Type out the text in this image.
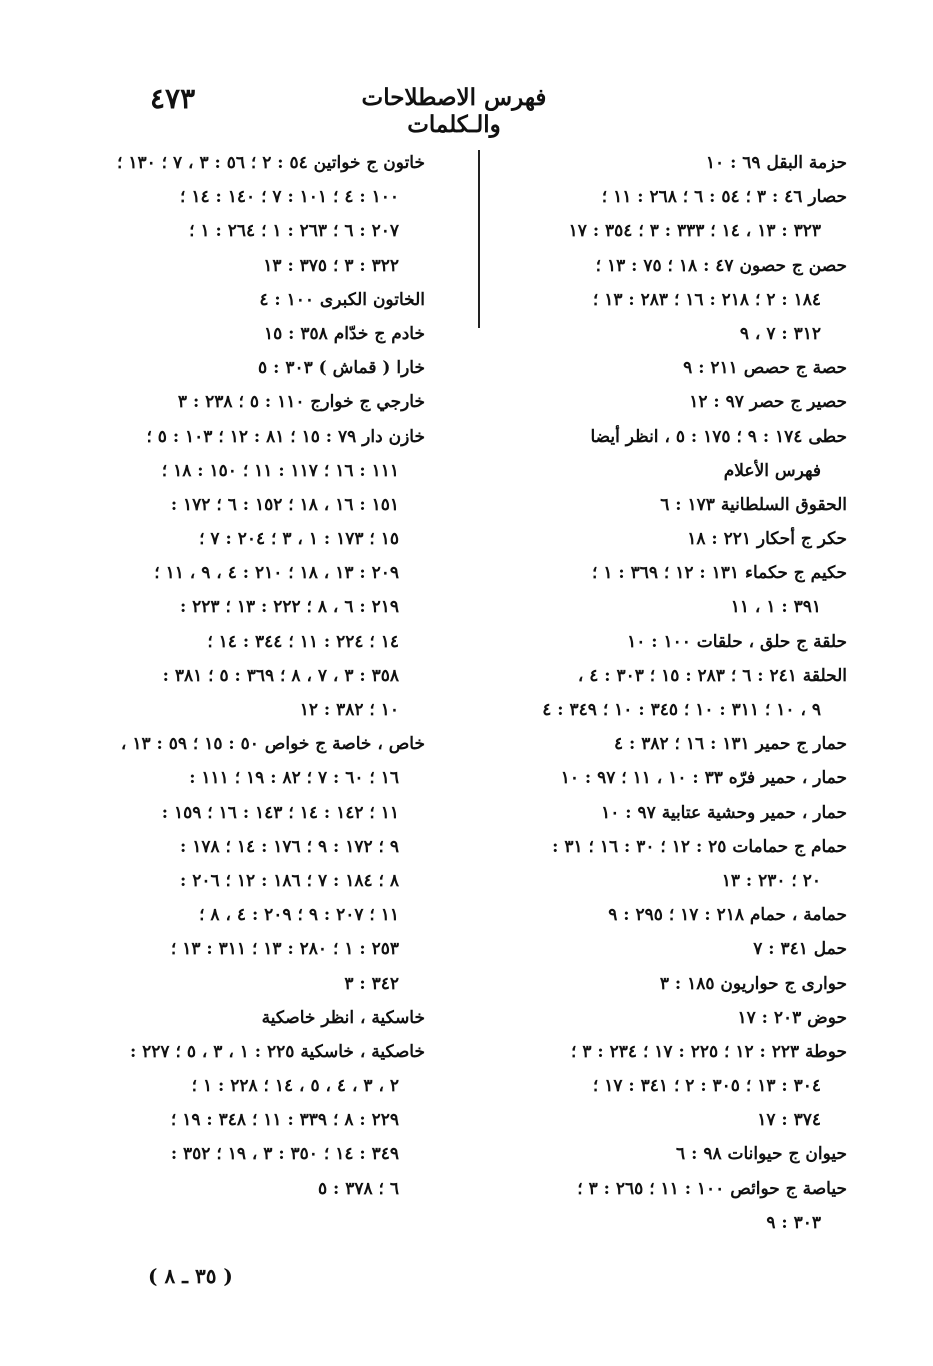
٤٧٣	فهرس الاصطلاحات والـكلمات
حزمة البقل ٦٩ : ١٠
حصار ٤٦ : ٣ ؛ ٥٤ : ٦ ؛ ٢٦٨ : ١١ ؛
٣٢٣ : ١٣ ، ١٤ ؛ ٣٣٣ : ٣ ؛ ٣٥٤ : ١٧
حصن ج حصون ٤٧ : ١٨ ؛ ٧٥ : ١٣ ؛
١٨٤ : ٢ ؛ ٢١٨ : ١٦ ؛ ٢٨٣ : ١٣ ؛
٣١٢ : ٧ ، ٩
حصة ج حصص ٢١١ : ٩
حصير ج حصر ٩٧ : ١٢
حطى ١٧٤ : ٩ ؛ ١٧٥ : ٥ ، انظر أيضا
فهرس الأعلام
الحقوق السلطانية ١٧٣ : ٦
حكر ج أحكار ٢٢١ : ١٨
حكيم ج حكماء ١٣١ : ١٢ ؛ ٣٦٩ : ١ ؛
٣٩١ : ١ ، ١١
حلقة ج حلق ، حلقات ١٠٠ : ١٠
الحلقة ٢٤١ : ٦ ؛ ٢٨٣ : ١٥ ؛ ٣٠٣ : ٤ ،
٩ ، ١٠ ؛ ٣١١ : ١٠ ؛ ٣٤٥ : ١٠ ؛ ٣٤٩ : ٤
حمار ج حمير ١٣١ : ١٦ ؛ ٣٨٢ : ٤
حمار ، حمير فرّه ٣٣ : ١٠ ، ١١ ؛ ٩٧ : ١٠
حمار ، حمير وحشية عتابية ٩٧ : ١٠
حمام ج حمامات ٢٥ : ١٢ ؛ ٣٠ : ١٦ ؛ ٣١ :
٢٠ ؛ ٢٣٠ : ١٣
حمامة ، حمام ٢١٨ : ١٧ ؛ ٢٩٥ : ٩
حمل ٣٤١ : ٧
حوارى ج حواريون ١٨٥ : ٣
حوض ٢٠٣ : ١٧
حوطة ٢٢٣ : ١٢ ؛ ٢٢٥ : ١٧ ؛ ٢٣٤ : ٣ ؛
٣٠٤ : ١٣ ؛ ٣٠٥ : ٢ ؛ ٣٤١ : ١٧ ؛
٣٧٤ : ١٧
حيوان ج حيوانات ٩٨ : ٦
حياصة ج حوائص ١٠٠ : ١١ ؛ ٢٦٥ : ٣ ؛
٣٠٣ : ٩
خاتون ج خواتين ٥٤ : ٢ ؛ ٥٦ : ٣ ، ٧ ؛ ١٣٠ ؛
١٠٠ : ٤ ؛ ١٠١ : ٧ ؛ ١٤٠ : ١٤ ؛
٢٠٧ : ٦ ؛ ٢٦٣ : ١ ؛ ٢٦٤ : ١ ؛
٣٢٢ : ٣ ؛ ٣٧٥ : ١٣
الخاتون الكبرى ١٠٠ : ٤
خادم ج خدّام ٣٥٨ : ١٥
خارا ( قماش ) ٣٠٣ : ٥
خارجي ج خوارج ١١٠ : ٥ ؛ ٢٣٨ : ٣
خازن دار ٧٩ : ١٥ ؛ ٨١ : ١٢ ؛ ١٠٣ : ٥ ؛
١١١ : ١٦ ؛ ١١٧ : ١١ ؛ ١٥٠ : ١٨ ؛
١٥١ : ١٦ ، ١٨ ؛ ١٥٢ : ٦ ؛ ١٧٢ :
١٥ ؛ ١٧٣ : ١ ، ٣ ؛ ٢٠٤ : ٧ ؛
٢٠٩ : ١٣ ، ١٨ ؛ ٢١٠ : ٤ ، ٩ ، ١١ ؛
٢١٩ : ٦ ، ٨ ؛ ٢٢٢ : ١٣ ؛ ٢٢٣ :
١٤ ؛ ٢٢٤ : ١١ ؛ ٣٤٤ : ١٤ ؛
٣٥٨ : ٣ ، ٧ ، ٨ ؛ ٣٦٩ : ٥ ؛ ٣٨١ :
١٠ ؛ ٣٨٢ : ١٢
خاص ، خاصة ج خواص ٥٠ : ١٥ ؛ ٥٩ : ١٣ ،
١٦ ؛ ٦٠ : ٧ ؛ ٨٢ : ١٩ ؛ ١١١ :
١١ ؛ ١٤٢ : ١٤ ؛ ١٤٣ : ١٦ ؛ ١٥٩ :
٩ ؛ ١٧٢ : ٩ ؛ ١٧٦ : ١٤ ؛ ١٧٨ :
٨ ؛ ١٨٤ : ٧ ؛ ١٨٦ : ١٢ ؛ ٢٠٦ :
١١ ؛ ٢٠٧ : ٩ ؛ ٢٠٩ : ٤ ، ٨ ؛
٢٥٣ : ١ ؛ ٢٨٠ : ١٣ ؛ ٣١١ : ١٣ ؛
٣٤٢ : ٣
خاسكية ، انظر خاصكية
خاصكية ، خاسكية ٢٢٥ : ١ ، ٣ ، ٥ ؛ ٢٢٧ :
٢ ، ٣ ، ٤ ، ٥ ، ١٤ ؛ ٢٢٨ : ١ ؛
٢٢٩ : ٨ ؛ ٣٣٩ : ١١ ؛ ٣٤٨ : ١٩ ؛
٣٤٩ : ١٤ ؛ ٣٥٠ : ٣ ، ١٩ ؛ ٣٥٢ :
٦ ؛ ٣٧٨ : ٥
( ٣٥ ـ ٨ )
